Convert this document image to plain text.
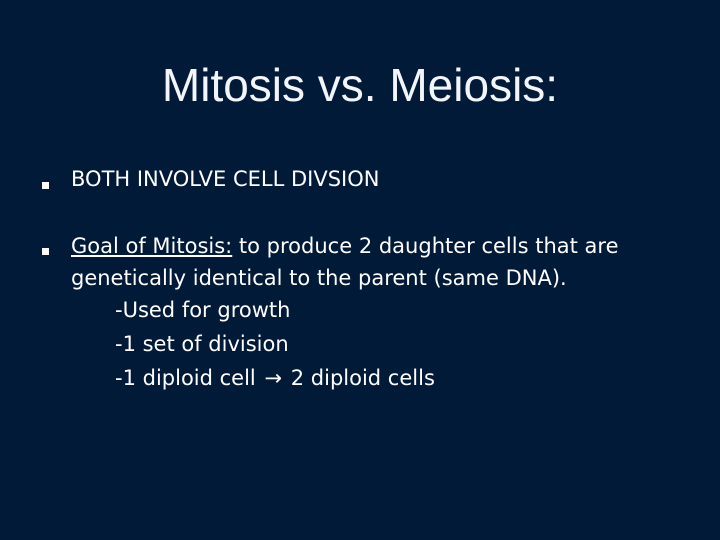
Mitosis vs. Meiosis:
BOTH INVOLVE CELL DIVSION
Goal of Mitosis: to produce 2 daughter cells that are
genetically identical to the parent (same DNA).
-Used for growth
-1 set of division
-1 diploid cell → 2 diploid cells
